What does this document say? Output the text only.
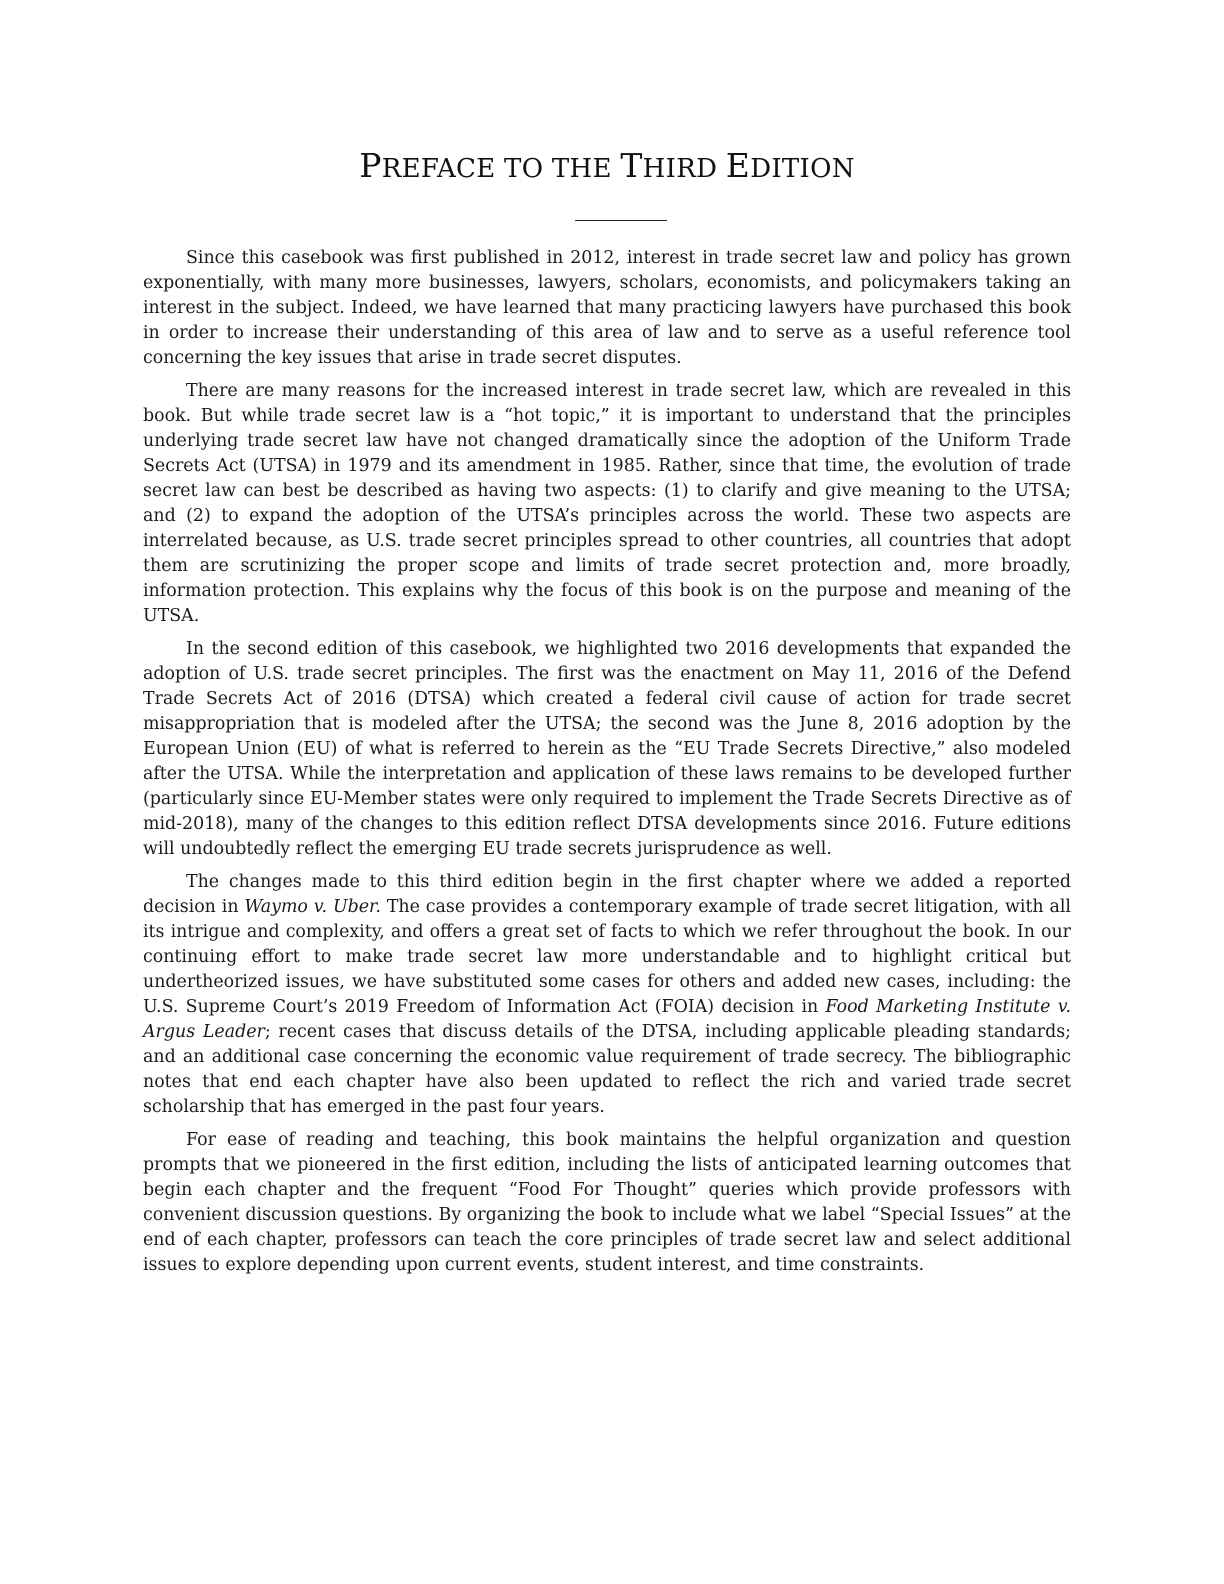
PREFACE TO THE THIRD EDITION

Since this casebook was first published in 2012, interest in trade secret law and policy has grown exponentially, with many more businesses, lawyers, scholars, economists, and policymakers taking an interest in the subject. Indeed, we have learned that many practicing lawyers have purchased this book in order to increase their understanding of this area of law and to serve as a useful reference tool concerning the key issues that arise in trade secret disputes.

There are many reasons for the increased interest in trade secret law, which are revealed in this book. But while trade secret law is a “hot topic,” it is important to understand that the principles underlying trade secret law have not changed dramatically since the adoption of the Uniform Trade Secrets Act (UTSA) in 1979 and its amendment in 1985. Rather, since that time, the evolution of trade secret law can best be described as having two aspects: (1) to clarify and give meaning to the UTSA; and (2) to expand the adoption of the UTSA’s principles across the world. These two aspects are interrelated because, as U.S. trade secret principles spread to other countries, all countries that adopt them are scrutinizing the proper scope and limits of trade secret protection and, more broadly, information protection. This explains why the focus of this book is on the purpose and meaning of the UTSA.

In the second edition of this casebook, we highlighted two 2016 developments that expanded the adoption of U.S. trade secret principles. The first was the enactment on May 11, 2016 of the Defend Trade Secrets Act of 2016 (DTSA) which created a federal civil cause of action for trade secret misappropriation that is modeled after the UTSA; the second was the June 8, 2016 adoption by the European Union (EU) of what is referred to herein as the “EU Trade Secrets Directive,” also modeled after the UTSA. While the interpretation and application of these laws remains to be developed further (particularly since EU-Member states were only required to implement the Trade Secrets Directive as of mid-2018), many of the changes to this edition reflect DTSA developments since 2016. Future editions will undoubtedly reflect the emerging EU trade secrets jurisprudence as well.

The changes made to this third edition begin in the first chapter where we added a reported decision in Waymo v. Uber. The case provides a contemporary example of trade secret litigation, with all its intrigue and complexity, and offers a great set of facts to which we refer throughout the book. In our continuing effort to make trade secret law more understandable and to highlight critical but undertheorized issues, we have substituted some cases for others and added new cases, including: the U.S. Supreme Court’s 2019 Freedom of Information Act (FOIA) decision in Food Marketing Institute v. Argus Leader; recent cases that discuss details of the DTSA, including applicable pleading standards; and an additional case concerning the economic value requirement of trade secrecy. The bibliographic notes that end each chapter have also been updated to reflect the rich and varied trade secret scholarship that has emerged in the past four years.

For ease of reading and teaching, this book maintains the helpful organization and question prompts that we pioneered in the first edition, including the lists of anticipated learning outcomes that begin each chapter and the frequent “Food For Thought” queries which provide professors with convenient discussion questions. By organizing the book to include what we label “Special Issues” at the end of each chapter, professors can teach the core principles of trade secret law and select additional issues to explore depending upon current events, student interest, and time constraints.
